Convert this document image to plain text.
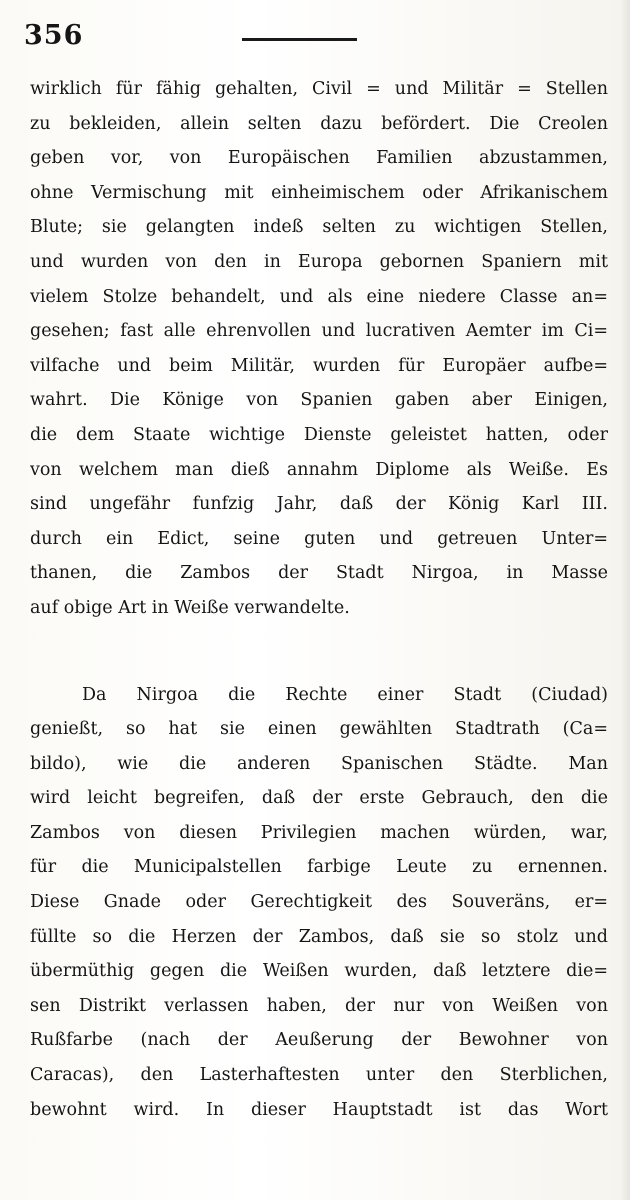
356
wirklich für fähig gehalten, Civil = und Militär = Stellen
zu bekleiden, allein selten dazu befördert. Die Creolen
geben vor, von Europäischen Familien abzustammen,
ohne Vermischung mit einheimischem oder Afrikanischem
Blute; sie gelangten indeß selten zu wichtigen Stellen,
und wurden von den in Europa gebornen Spaniern mit
vielem Stolze behandelt, und als eine niedere Classe an=
gesehen; fast alle ehrenvollen und lucrativen Aemter im Ci=
vilfache und beim Militär, wurden für Europäer aufbe=
wahrt. Die Könige von Spanien gaben aber Einigen,
die dem Staate wichtige Dienste geleistet hatten, oder
von welchem man dieß annahm Diplome als Weiße. Es
sind ungefähr funfzig Jahr, daß der König Karl III.
durch ein Edict, seine guten und getreuen Unter=
thanen, die Zambos der Stadt Nirgoa, in Masse
auf obige Art in Weiße verwandelte.
Da Nirgoa die Rechte einer Stadt (Ciudad)
genießt, so hat sie einen gewählten Stadtrath (Ca=
bildo), wie die anderen Spanischen Städte. Man
wird leicht begreifen, daß der erste Gebrauch, den die
Zambos von diesen Privilegien machen würden, war,
für die Municipalstellen farbige Leute zu ernennen.
Diese Gnade oder Gerechtigkeit des Souveräns, er=
füllte so die Herzen der Zambos, daß sie so stolz und
übermüthig gegen die Weißen wurden, daß letztere die=
sen Distrikt verlassen haben, der nur von Weißen von
Rußfarbe (nach der Aeußerung der Bewohner von
Caracas), den Lasterhaftesten unter den Sterblichen,
bewohnt wird. In dieser Hauptstadt ist das Wort
